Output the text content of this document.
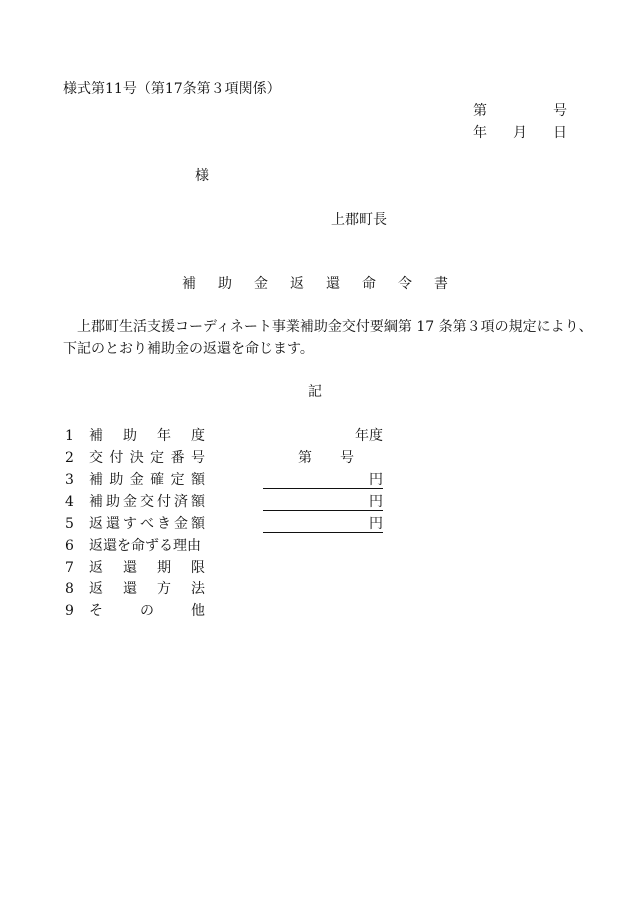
様式第11号（第17条第３項関係）
第	号
年 月 日
様
上郡町長
補 助 金 返 還 命 令 書
上郡町生活支援コーディネート事業補助金交付要綱第 17 条第３項の規定により、
下記のとおり補助金の返還を命じます。
記
1 補 助 年 度	年度
2 交 付 決 定 番 号	第 号
3 補 助 金 確 定 額	円
4 補 助 金 交 付 済 額	円
5 返 還 す べ き 金 額	円
6 返還を命ずる理由
7 返 還 期 限
8 返 還 方 法
9 そ	の	他
